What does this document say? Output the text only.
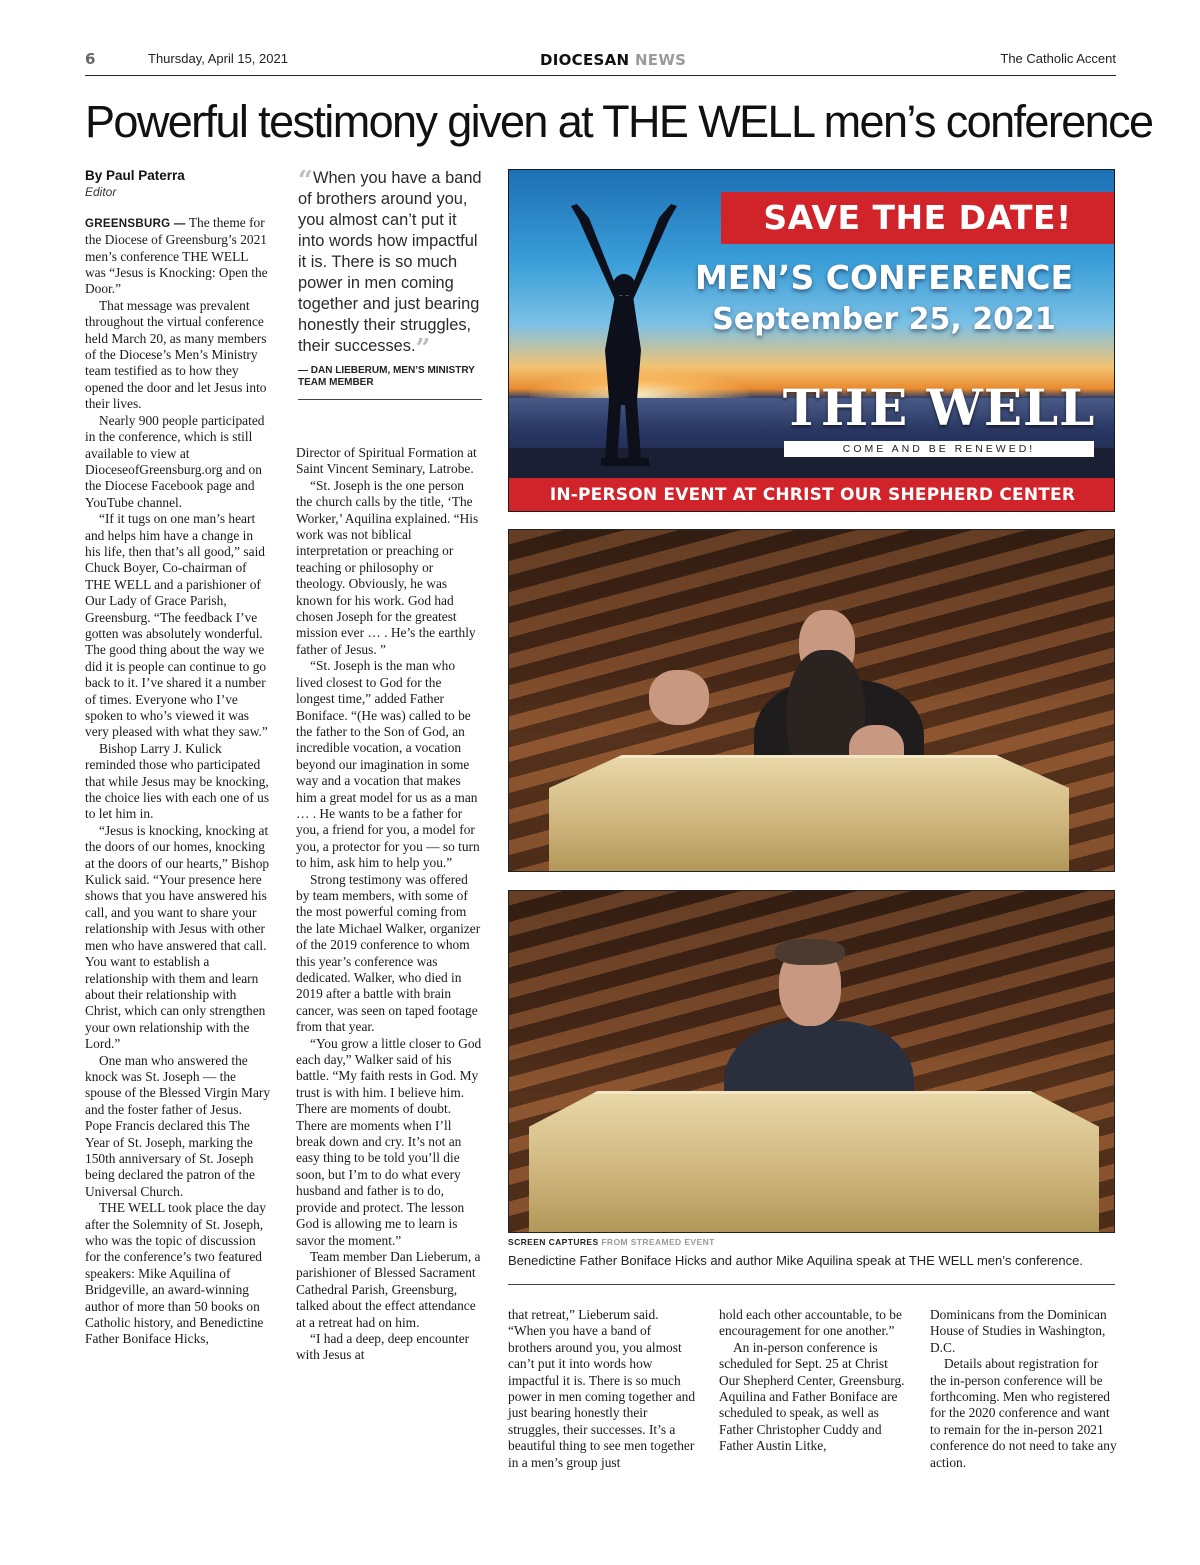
6	Thursday, April 15, 2021	DIOCESAN NEWS	The Catholic Accent
Powerful testimony given at THE WELL men’s conference
By Paul Paterra
Editor

GREENSBURG — The theme for the Diocese of Greensburg’s 2021 men’s conference THE WELL was “Jesus is Knocking: Open the Door.”

That message was prevalent throughout the virtual conference held March 20, as many members of the Diocese’s Men’s Ministry team testified as to how they opened the door and let Jesus into their lives.

Nearly 900 people participated in the conference, which is still available to view at DioceseofGreensburg.org and on the Diocese Facebook page and YouTube channel.

“If it tugs on one man’s heart and helps him have a change in his life, then that’s all good,” said Chuck Boyer, Co-chairman of THE WELL and a parishioner of Our Lady of Grace Parish, Greensburg. “The feedback I’ve gotten was absolutely wonderful. The good thing about the way we did it is people can continue to go back to it. I’ve shared it a number of times. Everyone who I’ve spoken to who’s viewed it was very pleased with what they saw.”

Bishop Larry J. Kulick reminded those who participated that while Jesus may be knocking, the choice lies with each one of us to let him in.

“Jesus is knocking, knocking at the doors of our homes, knocking at the doors of our hearts,” Bishop Kulick said. “Your presence here shows that you have answered his call, and you want to share your relationship with Jesus with other men who have answered that call. You want to establish a relationship with them and learn about their relationship with Christ, which can only strengthen your own relationship with the Lord.”

One man who answered the knock was St. Joseph — the spouse of the Blessed Virgin Mary and the foster father of Jesus. Pope Francis declared this The Year of St. Joseph, marking the 150th anniversary of St. Joseph being declared the patron of the Universal Church.

THE WELL took place the day after the Solemnity of St. Joseph, who was the topic of discussion for the conference’s two featured speakers: Mike Aquilina of Bridgeville, an award-winning author of more than 50 books on Catholic history, and Benedictine Father Boniface Hicks,

“When you have a band of brothers around you, you almost can’t put it into words how impactful it is. There is so much power in men coming together and just bearing honestly their struggles, their successes.”
— DAN LIEBERUM, MEN’S MINISTRY TEAM MEMBER

Director of Spiritual Formation at Saint Vincent Seminary, Latrobe.

“St. Joseph is the one person the church calls by the title, ‘The Worker,’ Aquilina explained. “His work was not biblical interpretation or preaching or teaching or philosophy or theology. Obviously, he was known for his work. God had chosen Joseph for the greatest mission ever … . He’s the earthly father of Jesus. ”

“St. Joseph is the man who lived closest to God for the longest time,” added Father Boniface. “(He was) called to be the father to the Son of God, an incredible vocation, a vocation beyond our imagination in some way and a vocation that makes him a great model for us as a man … . He wants to be a father for you, a friend for you, a model for you, a protector for you — so turn to him, ask him to help you.”

Strong testimony was offered by team members, with some of the most powerful coming from the late Michael Walker, organizer of the 2019 conference to whom this year’s conference was dedicated. Walker, who died in 2019 after a battle with brain cancer, was seen on taped footage from that year.

“You grow a little closer to God each day,” Walker said of his battle. “My faith rests in God. My trust is with him. I believe him. There are moments of doubt. There are moments when I’ll break down and cry. It’s not an easy thing to be told you’ll die soon, but I’m to do what every husband and father is to do, provide and protect. The lesson God is allowing me to learn is savor the moment.”

Team member Dan Lieberum, a parishioner of Blessed Sacrament Cathedral Parish, Greensburg, talked about the effect attendance at a retreat had on him.

“I had a deep, deep encounter with Jesus at

SAVE THE DATE!
MEN’S CONFERENCE
September 25, 2021
THE WELL
COME AND BE RENEWED!
IN-PERSON EVENT AT CHRIST OUR SHEPHERD CENTER
SCREEN CAPTURES FROM STREAMED EVENT
Benedictine Father Boniface Hicks and author Mike Aquilina speak at THE WELL men’s conference.

that retreat,” Lieberum said. “When you have a band of brothers around you, you almost can’t put it into words how impactful it is. There is so much power in men coming together and just bearing honestly their struggles, their successes. It’s a beautiful thing to see men together in a men’s group just

hold each other accountable, to be encouragement for one another.”

An in-person conference is scheduled for Sept. 25 at Christ Our Shepherd Center, Greensburg. Aquilina and Father Boniface are scheduled to speak, as well as Father Christopher Cuddy and Father Austin Litke,

Dominicans from the Dominican House of Studies in Washington, D.C.

Details about registration for the in-person conference will be forthcoming. Men who registered for the 2020 conference and want to remain for the in-person 2021 conference do not need to take any action.
